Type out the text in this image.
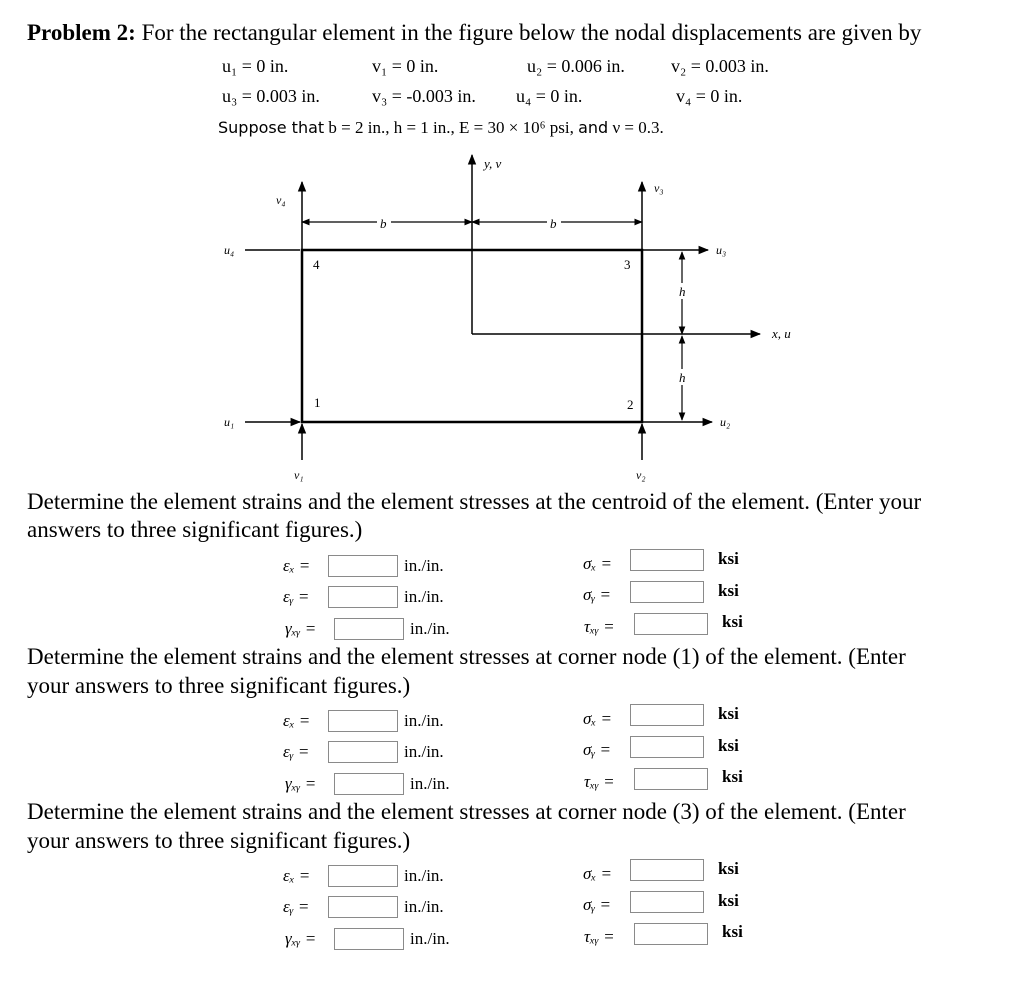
Problem 2: For the rectangular element in the figure below the nodal displacements are given by
u₁ = 0 in.	v₁ = 0 in.	u₂ = 0.006 in.	v₂ = 0.003 in.
u₃ = 0.003 in.	v₃ = -0.003 in. u₄ = 0 in.	v₄ = 0 in.
Suppose that b = 2 in., h = 1 in., E = 30 × 10⁶ psi, and ν = 0.3.
y, v
x, u
b	b
h
h
v₄
u₄
4
v₃
u₃
3
u₁
v₁
1
u₂
v₂
2
Determine the element strains and the element stresses at the centroid of the element. (Enter your
answers to three significant figures.)
εₓ =	in./in.	σₓ =	ksi
εᵧ =	in./in.	σᵧ =	ksi
γₓᵧ =	in./in.	τₓᵧ =	ksi
Determine the element strains and the element stresses at corner node (1) of the element. (Enter
your answers to three significant figures.)
εₓ =	in./in.	σₓ =	ksi
εᵧ =	in./in.	σᵧ =	ksi
γₓᵧ =	in./in.	τₓᵧ =	ksi
Determine the element strains and the element stresses at corner node (3) of the element. (Enter
your answers to three significant figures.)
εₓ =	in./in.	σₓ =	ksi
εᵧ =	in./in.	σᵧ =	ksi
γₓᵧ =	in./in.	τₓᵧ =	ksi
